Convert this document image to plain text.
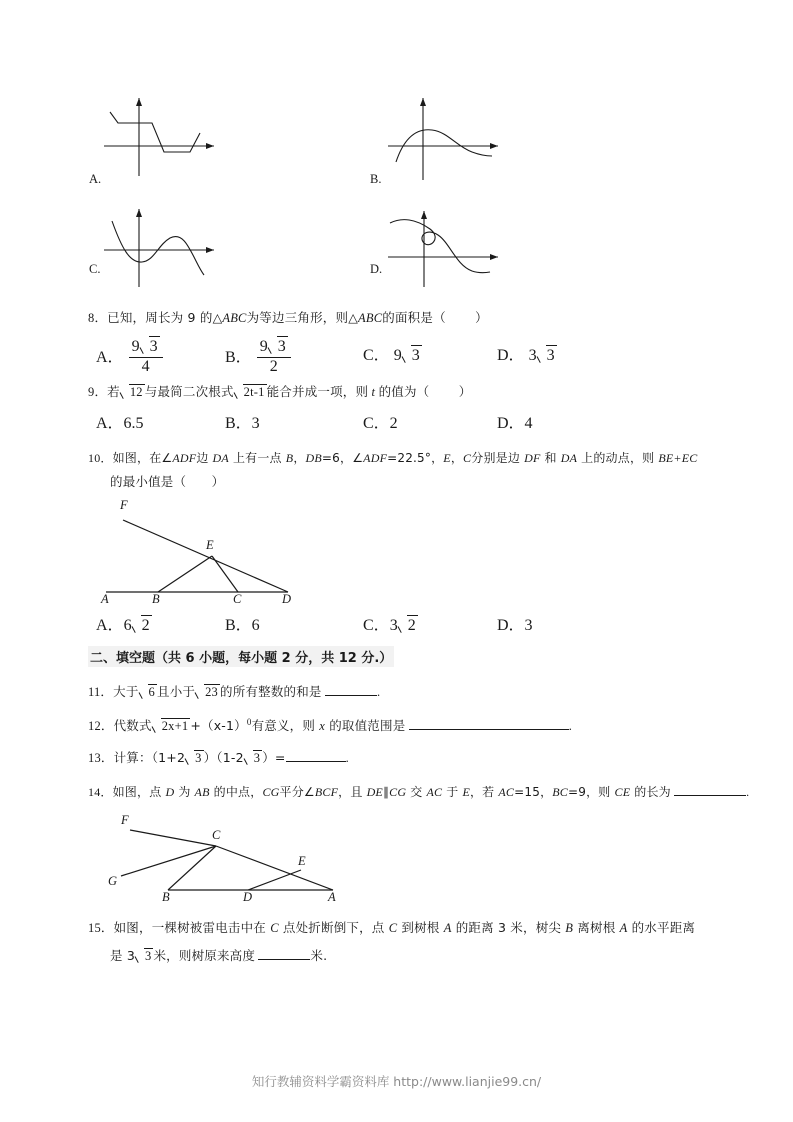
A.	B.
C.	D.
8．已知，周长为 9 的△ABC为等边三角形，则△ABC的面积是（ ）
A． $\frac{9 3}{4}$	B． $\frac{9 3}{2}$	C． 9 3	D． 3 3
9．若 12 与最简二次根式 2t-1 能合并成一项，则 t 的值为（ ）
A．6.5	B．3	C．2	D．4
10．如图，在∠ADF边 DA 上有一点 B，DB=6，∠ADF=22.5°，E，C分别是边 DF 和 DA 上的动点，则 BE+EC
的最小值是（　　）
F
E
A	B	C	D
A．6 2	B．6	C．3 2	D．3
二、填空题（共 6 小题，每小题 2 分，共 12 分.）
11．大于 6 且小于 23 的所有整数的和是	.
12．代数式 $2x+1 +(x-1)^0$有意义，则 x 的取值范围是	.
13．计算：（1+2 3 ）（1-2 3 ）=	.
14．如图，点 D 为 AB 的中点，CG平分∠BCF，且 DE∥CG 交 AC 于 E，若 AC=15，BC=9，则 CE 的长为	.
F
C
G
E
B	D	A
15．如图，一棵树被雷电击中在 C 点处折断倒下，点 C 到树根 A 的距离 3 米，树尖 B 离树根 A 的水平距离
是 3 3 米，则树原来高度	米.
知行教辅资料学霸资料库 http://www.lianjie99.cn/
